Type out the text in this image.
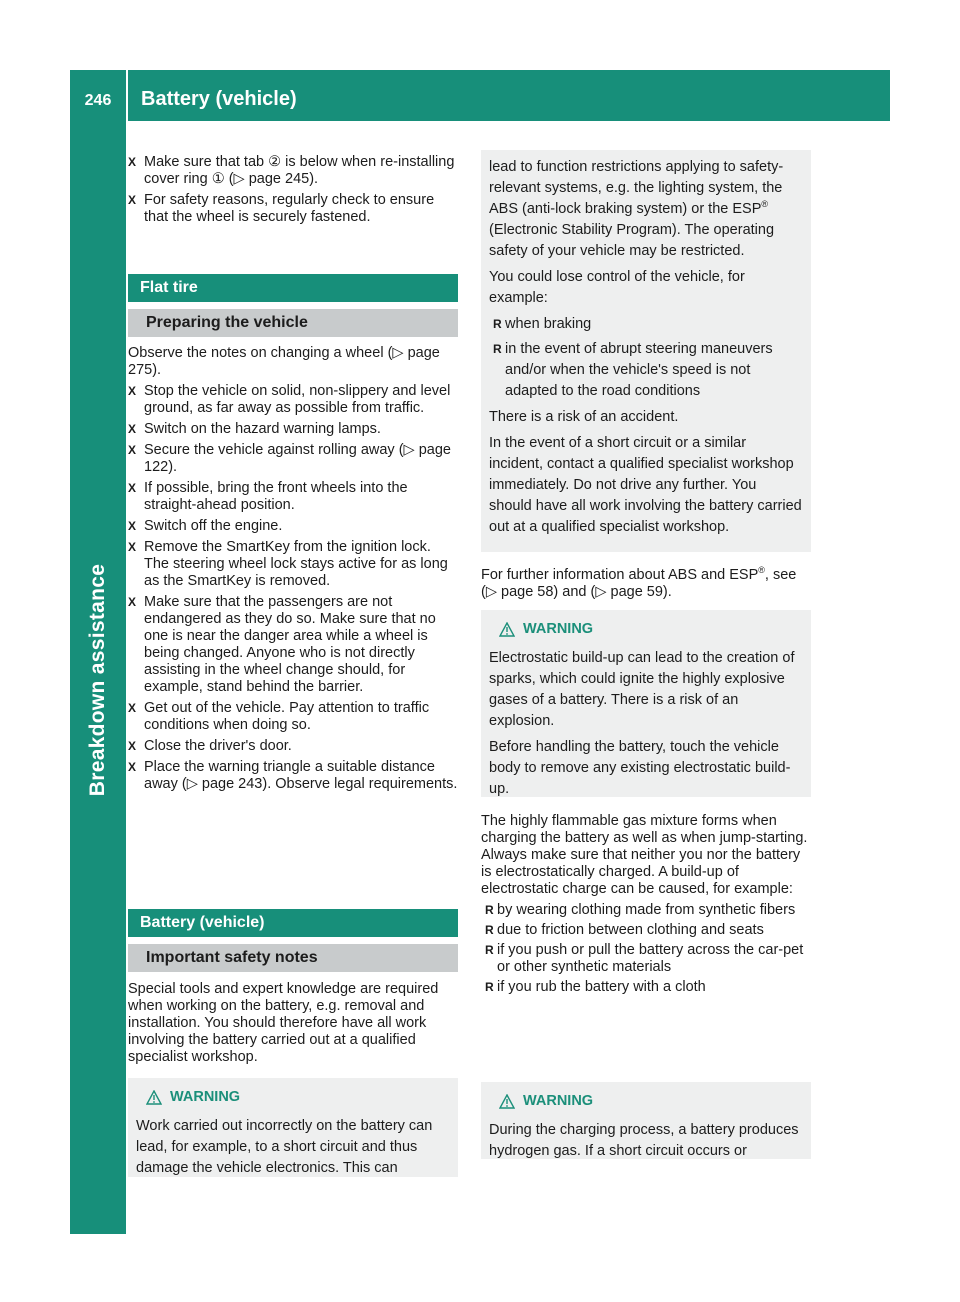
246	Battery (vehicle)
Breakdown assistance
X Make sure that tab ② is below when re-installing cover ring ① (▷ page 245).
X For safety reasons, regularly check to ensure that the wheel is securely fastened.
Flat tire
Preparing the vehicle
Observe the notes on changing a wheel (▷ page 275).
X Stop the vehicle on solid, non-slippery and level ground, as far away as possible from traffic.
X Switch on the hazard warning lamps.
X Secure the vehicle against rolling away (▷ page 122).
X If possible, bring the front wheels into the straight-ahead position.
X Switch off the engine.
X Remove the SmartKey from the ignition lock. The steering wheel lock stays active for as long as the SmartKey is removed.
X Make sure that the passengers are not endangered as they do so. Make sure that no one is near the danger area while a wheel is being changed. Anyone who is not directly assisting in the wheel change should, for example, stand behind the barrier.
X Get out of the vehicle. Pay attention to traffic conditions when doing so.
X Close the driver's door.
X Place the warning triangle a suitable distance away (▷ page 243). Observe legal requirements.
Battery (vehicle)
Important safety notes
Special tools and expert knowledge are required when working on the battery, e.g. removal and installation. You should therefore have all work involving the battery carried out at a qualified specialist workshop.
WARNING
Work carried out incorrectly on the battery can lead, for example, to a short circuit and thus damage the vehicle electronics. This can

lead to function restrictions applying to safety-relevant systems, e.g. the lighting system, the ABS (anti-lock braking system) or the ESP® (Electronic Stability Program). The operating safety of your vehicle may be restricted.

You could lose control of the vehicle, for example:

R when braking
R in the event of abrupt steering maneuvers and/or when the vehicle's speed is not adapted to the road conditions

There is a risk of an accident.

In the event of a short circuit or a similar incident, contact a qualified specialist workshop immediately. Do not drive any further. You should have all work involving the battery carried out at a qualified specialist workshop.

For further information about ABS and ESP®, see (▷ page 58) and (▷ page 59).
WARNING

Electrostatic build-up can lead to the creation of sparks, which could ignite the highly explosive gases of a battery. There is a risk of an explosion.

Before handling the battery, touch the vehicle body to remove any existing electrostatic build-up.

The highly flammable gas mixture forms when charging the battery as well as when jump-starting.

Always make sure that neither you nor the battery is electrostatically charged. A build-up of electrostatic charge can be caused, for example:

R by wearing clothing made from synthetic fibers
R due to friction between clothing and seats
R if you push or pull the battery across the car-pet or other synthetic materials
R if you rub the battery with a cloth
WARNING

During the charging process, a battery produces hydrogen gas. If a short circuit occurs or
